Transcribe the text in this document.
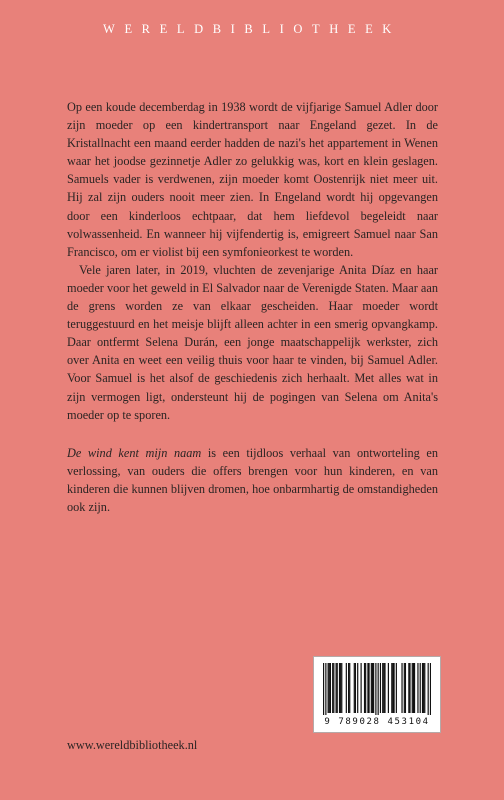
WERELDBIBLIOTHEEK

Op een koude decemberdag in 1938 wordt de vijfjarige Samuel Adler door zijn moeder op een kindertransport naar Engeland gezet. In de Kristallnacht een maand eerder hadden de nazi's het appartement in Wenen waar het joodse gezinnetje Adler zo gelukkig was, kort en klein geslagen. Samuels vader is verdwenen, zijn moeder komt Oostenrijk niet meer uit. Hij zal zijn ouders nooit meer zien. In Engeland wordt hij opgevangen door een kinderloos echtpaar, dat hem liefdevol begeleidt naar volwassenheid. En wanneer hij vijfendertig is, emigreert Samuel naar San Francisco, om er violist bij een symfonieorkest te worden.

Vele jaren later, in 2019, vluchten de zevenjarige Anita Díaz en haar moeder voor het geweld in El Salvador naar de Verenigde Staten. Maar aan de grens worden ze van elkaar gescheiden. Haar moeder wordt teruggestuurd en het meisje blijft alleen achter in een smerig opvangkamp. Daar ontfermt Selena Durán, een jonge maatschappelijk werkster, zich over Anita en weet een veilig thuis voor haar te vinden, bij Samuel Adler. Voor Samuel is het alsof de geschiedenis zich herhaalt. Met alles wat in zijn vermogen ligt, ondersteunt hij de pogingen van Selena om Anita's moeder op te sporen.

De wind kent mijn naam is een tijdloos verhaal van ontworteling en verlossing, van ouders die offers brengen voor hun kinderen, en van kinderen die kunnen blijven dromen, hoe onbarmhartig de omstandigheden ook zijn.

www.wereldbibliotheek.nl
9 789028 453104
